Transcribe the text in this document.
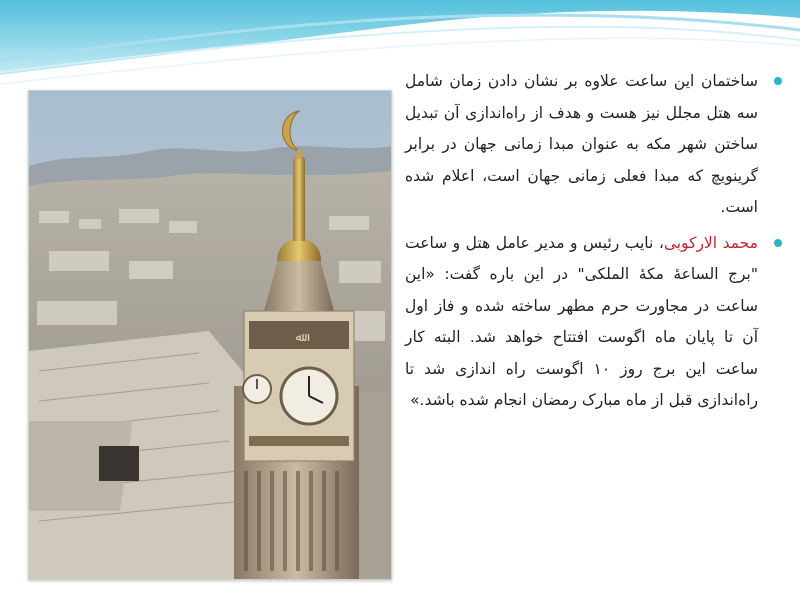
ﷲ

ساختمان این ساعت علاوه بر نشان دادن زمان شامل سه هتل مجلل نیز هست و هدف از راه‌اندازی آن تبدیل ساختن شهر مکه به عنوان مبدا زمانی جهان در برابر گرینویچ که مبدا فعلی زمانی جهان است، اعلام شده است.

محمد الارکوبی، نایب رئیس و مدیر عامل هتل و ساعت "برج الساعهٔ مکهٔ الملکی" در این باره گفت: «این ساعت در مجاورت حرم مطهر ساخته شده و فاز اول آن تا پایان ماه اگوست افتتاح خواهد شد. البته کار ساعت این برج روز ۱۰ اگوست راه اندازی شد تا راه‌اندازی قبل از ماه مبارک رمضان انجام شده باشد.»
